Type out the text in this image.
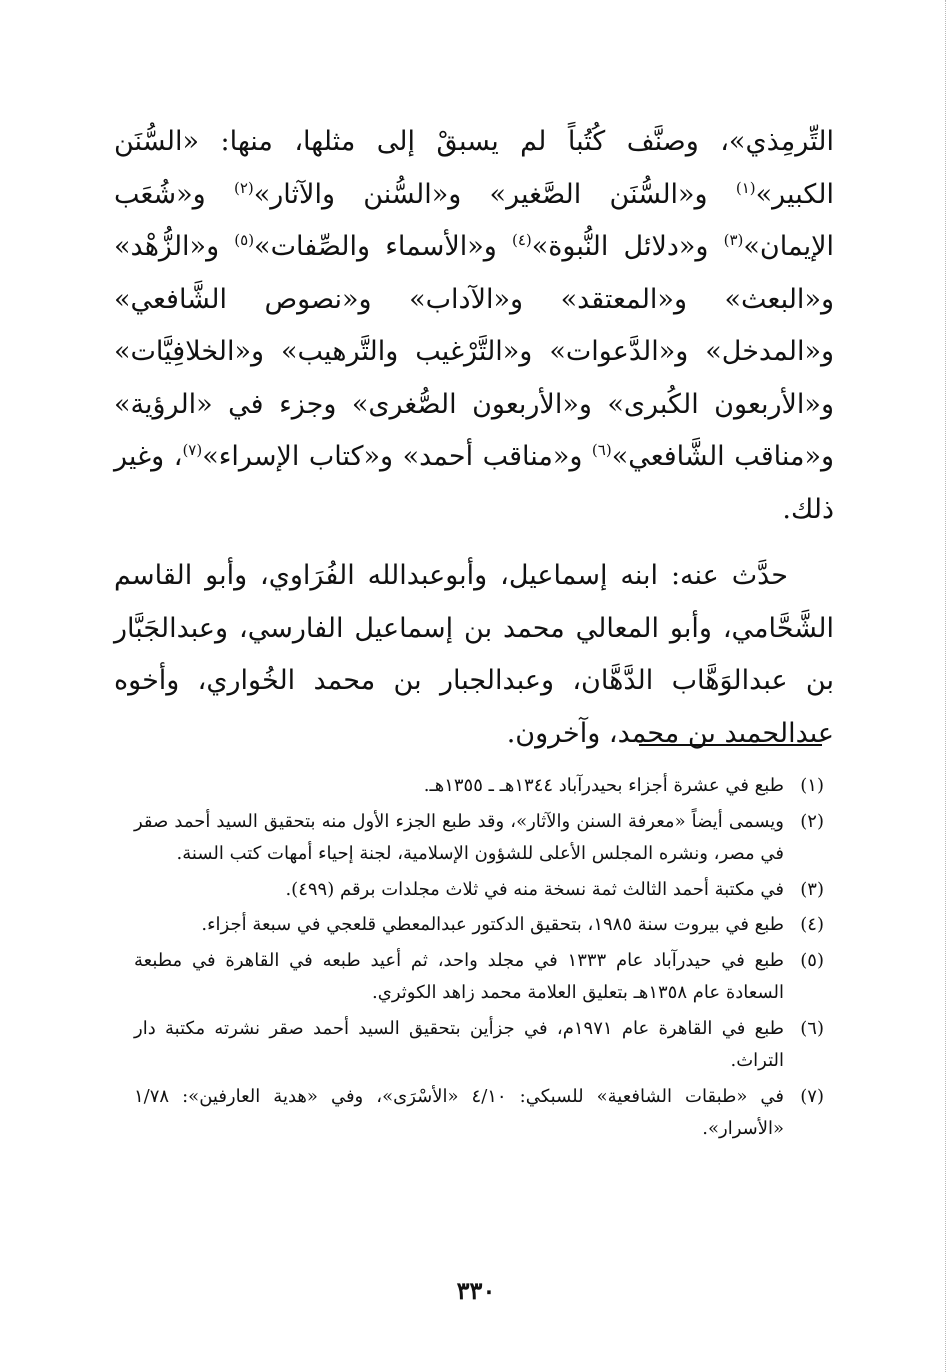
التِّرمِذي»، وصنَّف كُتُباً لم يسبقْ إلى مثلها، منها: «السُّنَن الكبير»$^{(١)}$ و«السُّنَن الصَّغير» و«السُّنن والآثار»$^{(٢)}$ و«شُعَب الإيمان»$^{(٣)}$ و«دلائل النُّبوة»$^{(٤)}$ و«الأسماء والصِّفات»$^{(٥)}$ و«الزُّهْد» و«البعث» و«المعتقد» و«الآداب» و«نصوص الشَّافعي» و«المدخل» و«الدَّعوات» و«التَّرْغيب والتَّرهيب» و«الخلافِيَّات» و«الأربعون الكُبرى» و«الأربعون الصُّغرى» وجزء في «الرؤية» و«مناقب الشَّافعي»$^{(٦)}$ و«مناقب أحمد» و«كتاب الإسراء»$^{(٧)}$، وغير ذلك.

حدَّث عنه: ابنه إسماعيل، وأبوعبدالله الفُرَاوي، وأبو القاسم الشَّحَّامي، وأبو المعالي محمد بن إسماعيل الفارسي، وعبدالجَبَّار بن عبدالوَهَّاب الدَّهَّان، وعبدالجبار بن محمد الخُواري، وأخوه عبدالحميد بن محمد، وآخرون.

(١)
طبع في عشرة أجزاء بحيدرآباد ١٣٤٤هـ ـ ١٣٥٥هـ.
(٢)
ويسمى أيضاً «معرفة السنن والآثار»، وقد طبع الجزء الأول منه بتحقيق السيد أحمد صقر في مصر، ونشره المجلس الأعلى للشؤون الإسلامية، لجنة إحياء أمهات كتب السنة.
(٣)
في مكتبة أحمد الثالث ثمة نسخة منه في ثلاث مجلدات برقم (٤٩٩).
(٤)
طبع في بيروت سنة ١٩٨٥، بتحقيق الدكتور عبدالمعطي قلعجي في سبعة أجزاء.
(٥)
طبع في حيدرآباد عام ١٣٣٣ في مجلد واحد، ثم أعيد طبعه في القاهرة في مطبعة السعادة عام ١٣٥٨هـ بتعليق العلامة محمد زاهد الكوثري.
(٦)
طبع في القاهرة عام ١٩٧١م، في جزأين بتحقيق السيد أحمد صقر نشرته مكتبة دار التراث.
(٧)
في «طبقات الشافعية» للسبكي: ٤/١٠ «الأسْرَى»، وفي «هدية العارفين»: ١/٧٨ «الأسرار».
٣٣٠
